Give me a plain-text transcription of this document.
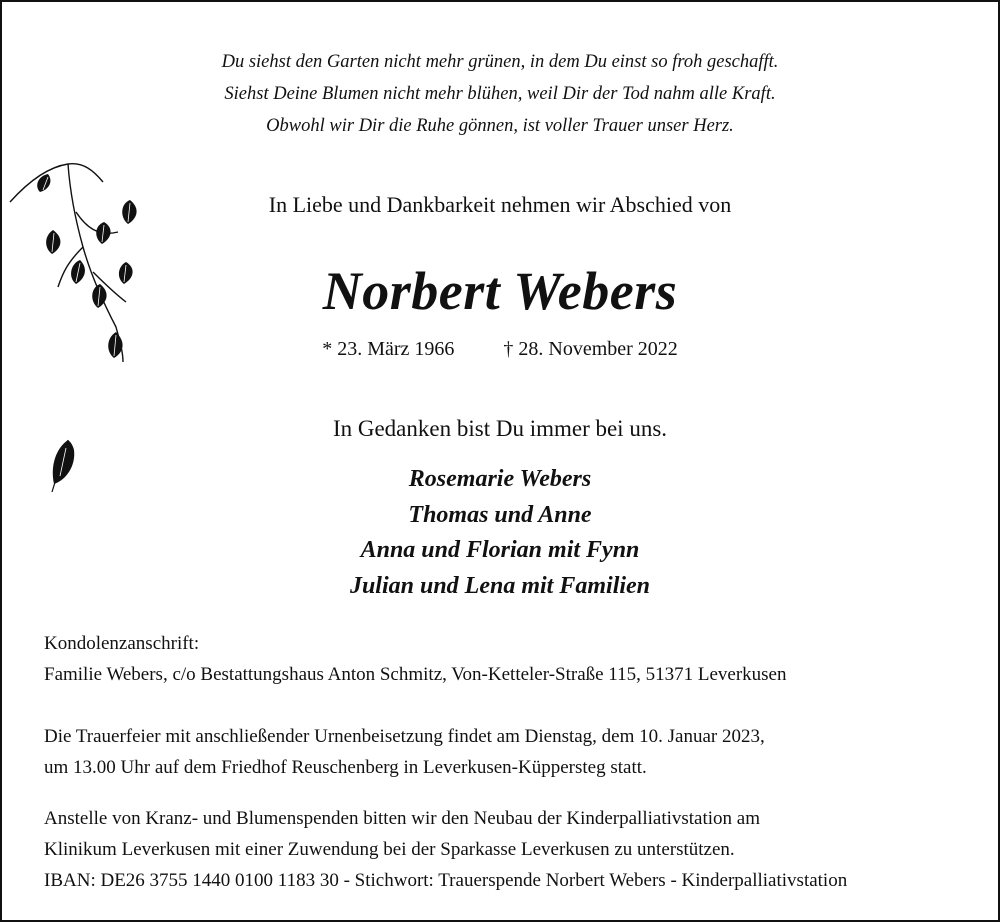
Du siehst den Garten nicht mehr grünen, in dem Du einst so froh geschafft.
Siehst Deine Blumen nicht mehr blühen, weil Dir der Tod nahm alle Kraft.
Obwohl wir Dir die Ruhe gönnen, ist voller Trauer unser Herz.
In Liebe und Dankbarkeit nehmen wir Abschied von
Norbert Webers
* 23. März 1966 † 28. November 2022
In Gedanken bist Du immer bei uns.
Rosemarie Webers
Thomas und Anne
Anna und Florian mit Fynn
Julian und Lena mit Familien
Kondolenzanschrift:
Familie Webers, c/o Bestattungshaus Anton Schmitz, Von-Ketteler-Straße 115, 51371 Leverkusen
Die Trauerfeier mit anschließender Urnenbeisetzung findet am Dienstag, dem 10. Januar 2023,
um 13.00 Uhr auf dem Friedhof Reuschenberg in Leverkusen-Küppersteg statt.
Anstelle von Kranz- und Blumenspenden bitten wir den Neubau der Kinderpalliativstation am
Klinikum Leverkusen mit einer Zuwendung bei der Sparkasse Leverkusen zu unterstützen.
IBAN: DE26 3755 1440 0100 1183 30 - Stichwort: Trauerspende Norbert Webers - Kinderpalliativstation
